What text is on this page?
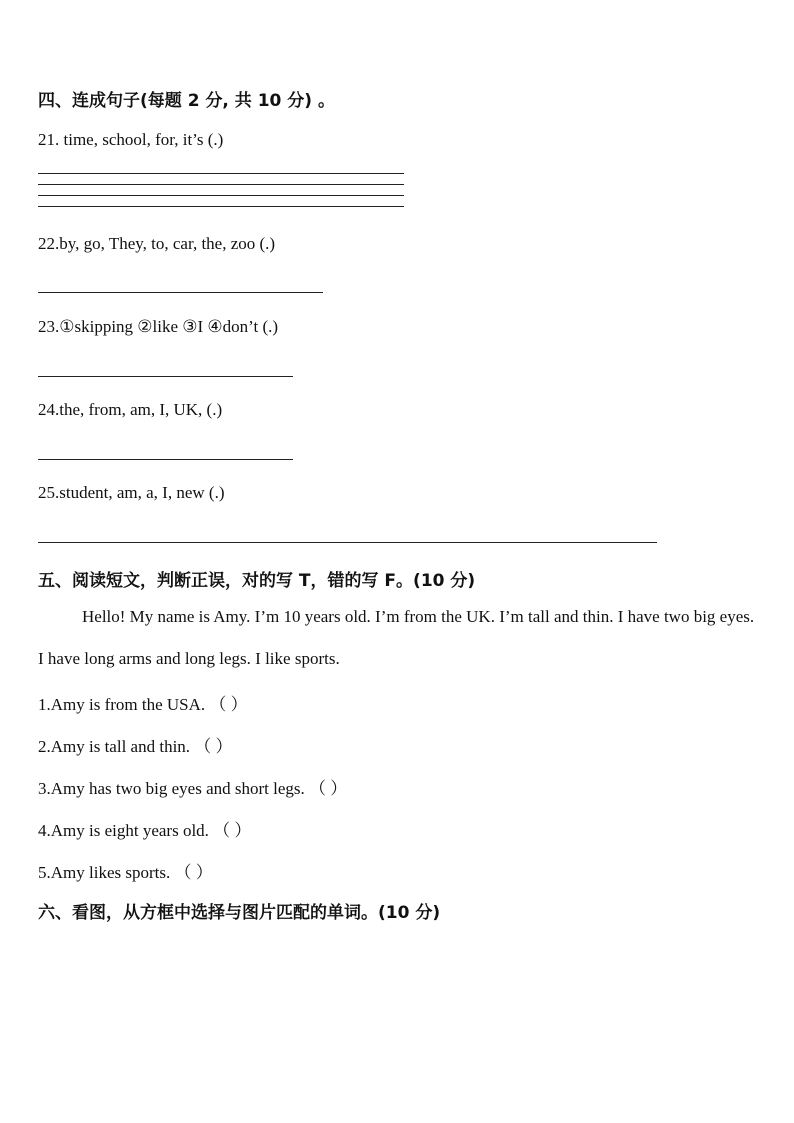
四、连成句子(每题 2 分, 共 10 分) 。
21. time, school, for, it’s (.)
22.by, go, They, to, car, the, zoo (.)
23.①skipping ②like ③I ④don’t (.)
24.the, from, am, I, UK, (.)
25.student, am, a, I, new (.)
五、阅读短文，判断正误，对的写 T，错的写 F。(10 分)
Hello! My name is Amy. I’m 10 years old. I’m from the UK. I’m tall and thin. I have two big eyes. I have long arms and long legs. I like sports.
1.Amy is from the USA. （ ）
2.Amy is tall and thin. （ ）
3.Amy has two big eyes and short legs. （ ）
4.Amy is eight years old. （ ）
5.Amy likes sports. （ ）
六、看图，从方框中选择与图片匹配的单词。(10 分)
